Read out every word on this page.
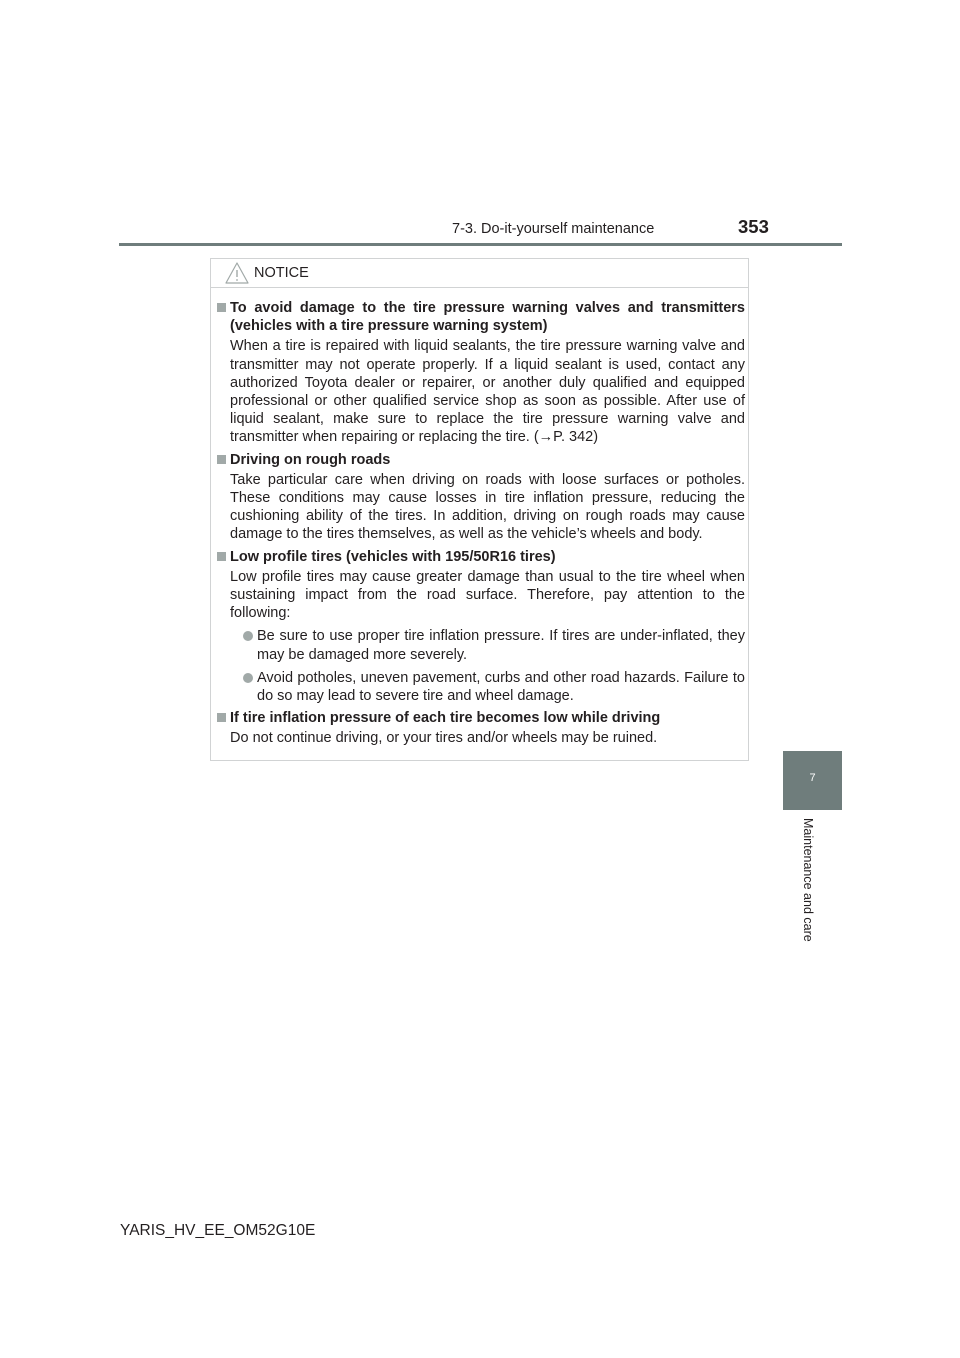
7-3. Do-it-yourself maintenance	353
7
Maintenance and care
NOTICE
To avoid damage to the tire pressure warning valves and transmitters (vehicles with a tire pressure warning system)
When a tire is repaired with liquid sealants, the tire pressure warning valve and transmitter may not operate properly. If a liquid sealant is used, contact any authorized Toyota dealer or repairer, or another duly qualified and equipped professional or other qualified service shop as soon as possible. After use of liquid sealant, make sure to replace the tire pressure warning valve and transmitter when repairing or replacing the tire. (→P. 342)
Driving on rough roads
Take particular care when driving on roads with loose surfaces or potholes. These conditions may cause losses in tire inflation pressure, reducing the cushioning ability of the tires. In addition, driving on rough roads may cause damage to the tires themselves, as well as the vehicle’s wheels and body.
Low profile tires (vehicles with 195/50R16 tires)
Low profile tires may cause greater damage than usual to the tire wheel when sustaining impact from the road surface. Therefore, pay attention to the following:
Be sure to use proper tire inflation pressure. If tires are under-inflated, they may be damaged more severely.
Avoid potholes, uneven pavement, curbs and other road hazards. Failure to do so may lead to severe tire and wheel damage.
If tire inflation pressure of each tire becomes low while driving
Do not continue driving, or your tires and/or wheels may be ruined.
YARIS_HV_EE_OM52G10E
